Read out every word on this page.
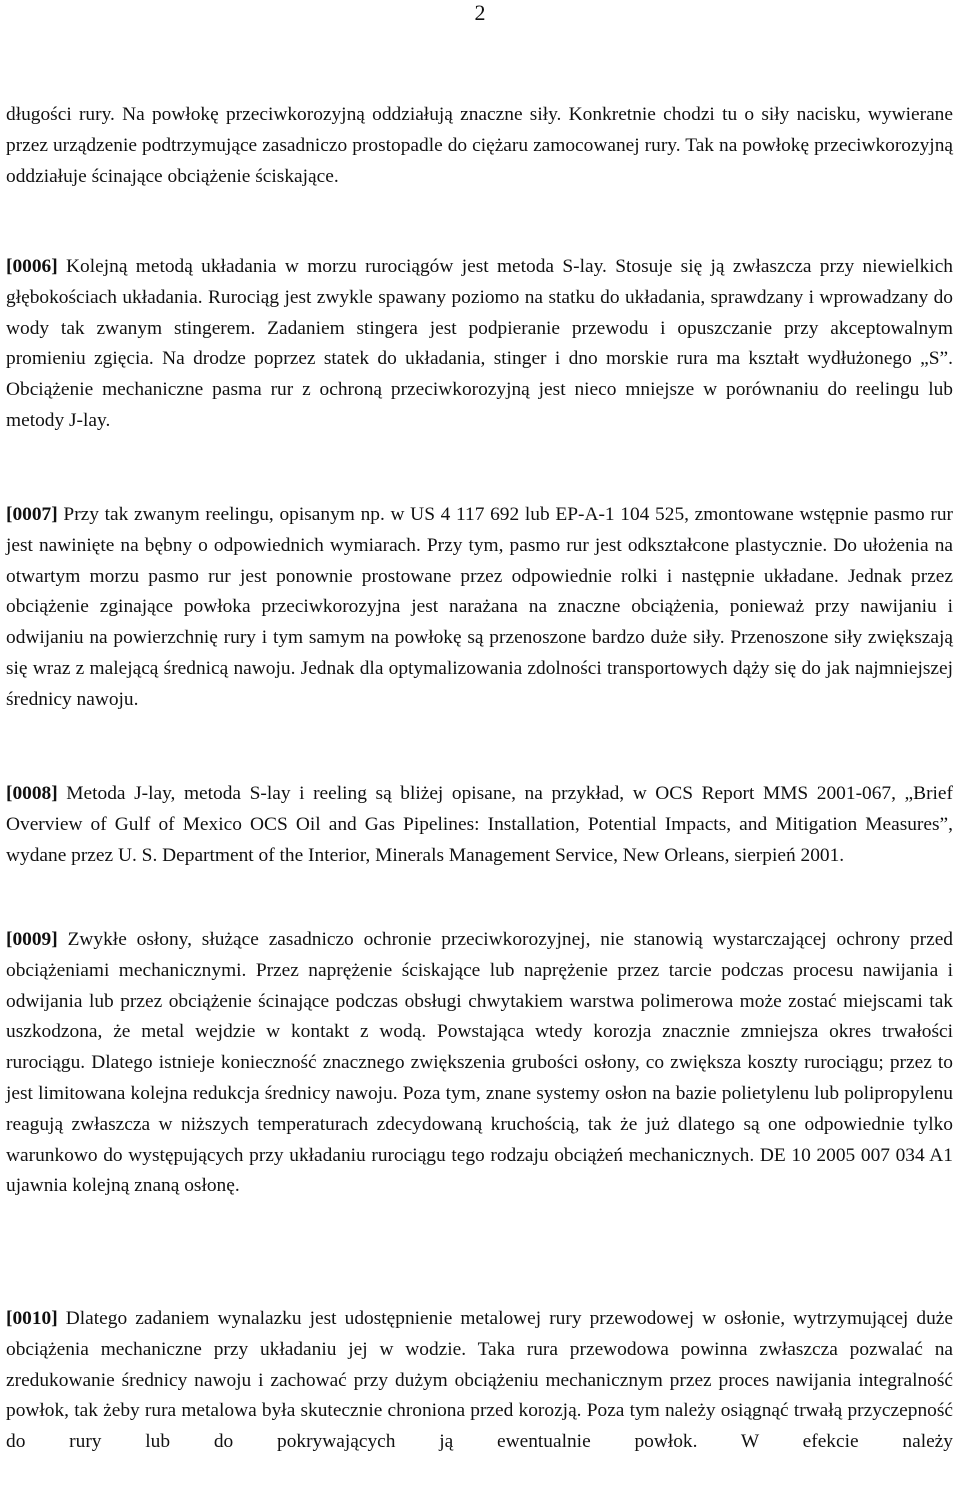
2

długości rury. Na powłokę przeciwkorozyjną oddziałują znaczne siły. Konkretnie chodzi tu o siły nacisku, wywierane przez urządzenie podtrzymujące zasadniczo prostopadle do ciężaru zamocowanej rury. Tak na powłokę przeciwkorozyjną oddziałuje ścinające obciążenie ściskające.

[0006] Kolejną metodą układania w morzu rurociągów jest metoda S-lay. Stosuje się ją zwłaszcza przy niewielkich głębokościach układania. Rurociąg jest zwykle spawany poziomo na statku do układania, sprawdzany i wprowadzany do wody tak zwanym stingerem. Zadaniem stingera jest podpieranie przewodu i opuszczanie przy akceptowalnym promieniu zgięcia. Na drodze poprzez statek do układania, stinger i dno morskie rura ma kształt wydłużonego „S”. Obciążenie mechaniczne pasma rur z ochroną przeciwkorozyjną jest nieco mniejsze w porównaniu do reelingu lub metody J-lay.

[0007] Przy tak zwanym reelingu, opisanym np. w US 4 117 692 lub EP-A-1 104 525, zmontowane wstępnie pasmo rur jest nawinięte na bębny o odpowiednich wymiarach. Przy tym, pasmo rur jest odkształcone plastycznie. Do ułożenia na otwartym morzu pasmo rur jest ponownie prostowane przez odpowiednie rolki i następnie układane. Jednak przez obciążenie zginające powłoka przeciwkorozyjna jest narażana na znaczne obciążenia, ponieważ przy nawijaniu i odwijaniu na powierzchnię rury i tym samym na powłokę są przenoszone bardzo duże siły. Przenoszone siły zwiększają się wraz z malejącą średnicą nawoju. Jednak dla optymalizowania zdolności transportowych dąży się do jak najmniejszej średnicy nawoju.

[0008] Metoda J-lay, metoda S-lay i reeling są bliżej opisane, na przykład, w OCS Report MMS 2001-067, „Brief Overview of Gulf of Mexico OCS Oil and Gas Pipelines: Installation, Potential Impacts, and Mitigation Measures”, wydane przez U. S. Department of the Interior, Minerals Management Service, New Orleans, sierpień 2001.

[0009] Zwykłe osłony, służące zasadniczo ochronie przeciwkorozyjnej, nie stanowią wystarczającej ochrony przed obciążeniami mechanicznymi. Przez naprężenie ściskające lub naprężenie przez tarcie podczas procesu nawijania i odwijania lub przez obciążenie ścinające podczas obsługi chwytakiem warstwa polimerowa może zostać miejscami tak uszkodzona, że metal wejdzie w kontakt z wodą. Powstająca wtedy korozja znacznie zmniejsza okres trwałości rurociągu. Dlatego istnieje konieczność znacznego zwiększenia grubości osłony, co zwiększa koszty rurociągu; przez to jest limitowana kolejna redukcja średnicy nawoju. Poza tym, znane systemy osłon na bazie polietylenu lub polipropylenu reagują zwłaszcza w niższych temperaturach zdecydowaną kruchością, tak że już dlatego są one odpowiednie tylko warunkowo do występujących przy układaniu rurociągu tego rodzaju obciążeń mechanicznych. DE 10 2005 007 034 A1 ujawnia kolejną znaną osłonę.

[0010] Dlatego zadaniem wynalazku jest udostępnienie metalowej rury przewodowej w osłonie, wytrzymującej duże obciążenia mechaniczne przy układaniu jej w wodzie. Taka rura przewodowa powinna zwłaszcza pozwalać na zredukowanie średnicy nawoju i zachować przy dużym obciążeniu mechanicznym przez proces nawijania integralność powłok, tak żeby rura metalowa była skutecznie chroniona przed korozją. Poza tym należy osiągnąć trwałą przyczepność do rury lub do pokrywających ją ewentualnie powłok. W efekcie należy
